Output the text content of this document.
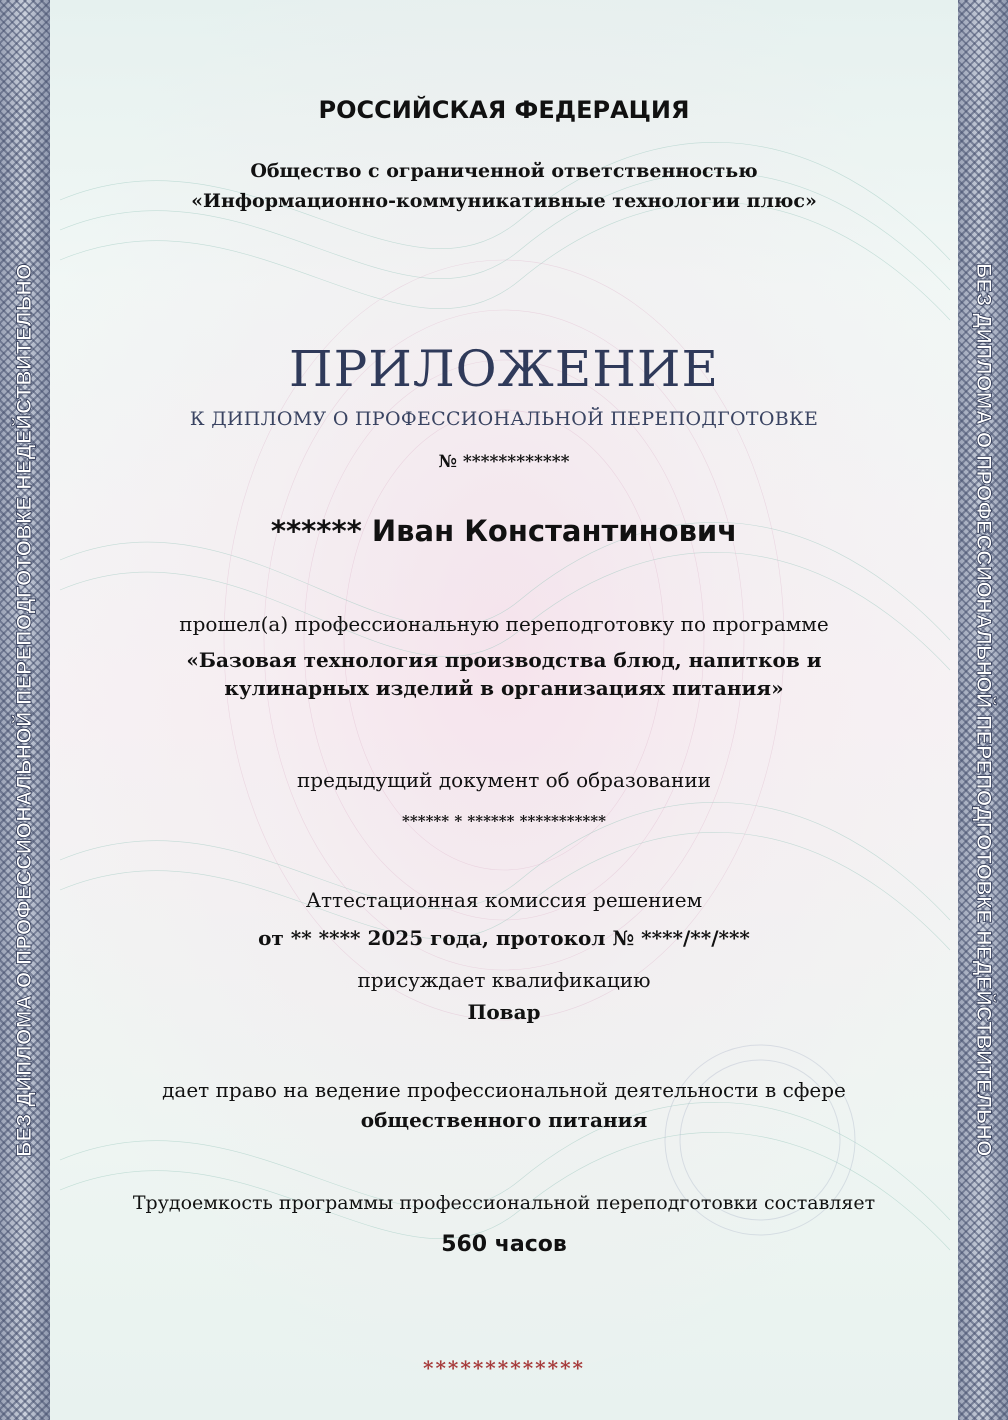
БЕЗ ДИПЛОМА О ПРОФЕССИОНАЛЬНОЙ ПЕРЕПОДГОТОВКЕ НЕДЕЙСТВИТЕЛЬНО	БЕЗ ДИПЛОМА О ПРОФЕССИОНАЛЬНОЙ ПЕРЕПОДГОТОВКЕ НЕДЕЙСТВИТЕЛЬНО
РОССИЙСКАЯ ФЕДЕРАЦИЯ
Общество с ограниченной ответственностью
«Информационно-коммуникативные технологии плюс»
ПРИЛОЖЕНИЕ
К ДИПЛОМУ О ПРОФЕССИОНАЛЬНОЙ ПЕРЕПОДГОТОВКЕ
№ ************
****** Иван Константинович
прошел(а) профессиональную переподготовку по программе
«Базовая технология производства блюд, напитков и
кулинарных изделий в организациях питания»
предыдущий документ об образовании
****** * ****** ***********
Аттестационная комиссия решением
от ** **** 2025 года, протокол № ****/**/***
присуждает квалификацию
Повар
дает право на ведение профессиональной деятельности в сфере
общественного питания
Трудоемкость программы профессиональной переподготовки составляет
560 часов
*************
